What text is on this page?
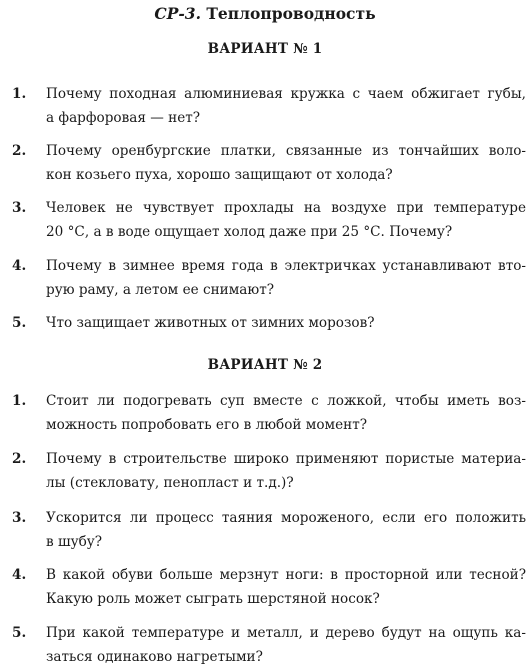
СР-3. Теплопроводность
ВАРИАНТ № 1
1. Почему походная алюминиевая кружка с чаем обжигает губы,
а фарфоровая — нет?
2. Почему оренбургские платки, связанные из тончайших воло-
кон козьего пуха, хорошо защищают от холода?
3. Человек не чувствует прохлады на воздухе при температуре
20 °С, а в воде ощущает холод даже при 25 °С. Почему?
4. Почему в зимнее время года в электричках устанавливают вто-
рую раму, а летом ее снимают?
5. Что защищает животных от зимних морозов?
ВАРИАНТ № 2
1. Стоит ли подогревать суп вместе с ложкой, чтобы иметь воз-
можность попробовать его в любой момент?
2. Почему в строительстве широко применяют пористые материа-
лы (стекловату, пенопласт и т.д.)?
3. Ускорится ли процесс таяния мороженого, если его положить
в шубу?
4. В какой обуви больше мерзнут ноги: в просторной или тесной?
Какую роль может сыграть шерстяной носок?
5. При какой температуре и металл, и дерево будут на ощупь ка-
заться одинаково нагретыми?
